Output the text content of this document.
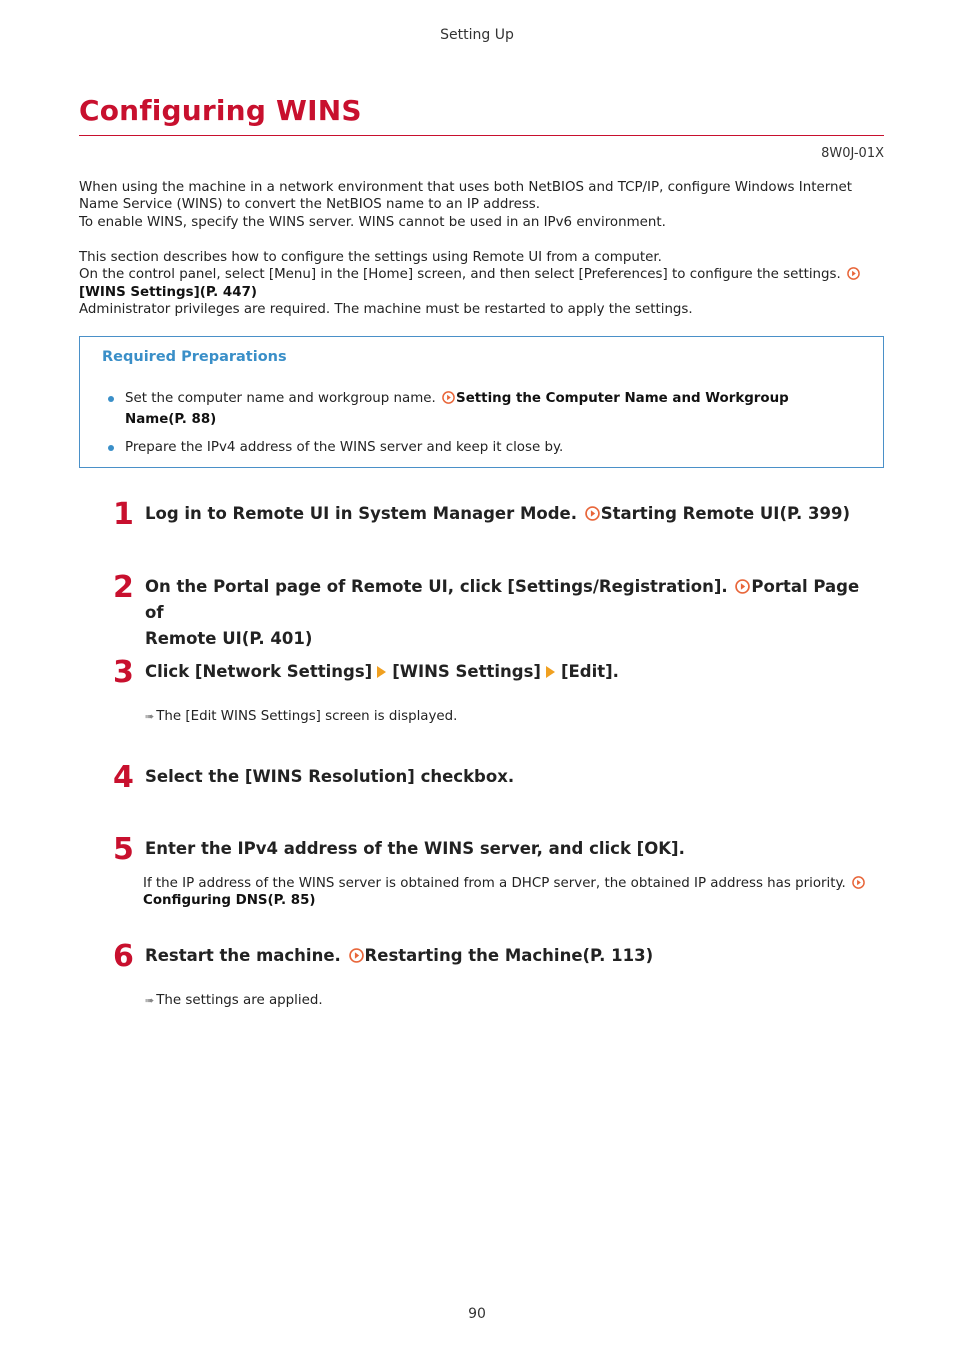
Setting Up
Configuring WINS
8W0J-01X

When using the machine in a network environment that uses both NetBIOS and TCP/IP, configure Windows Internet

Name Service (WINS) to convert the NetBIOS name to an IP address.

To enable WINS, specify the WINS server. WINS cannot be used in an IPv6 environment.

This section describes how to configure the settings using Remote UI from a computer.

On the control panel, select [Menu] in the [Home] screen, and then select [Preferences] to configure the settings.

[WINS Settings](P. 447)

Administrator privileges are required. The machine must be restarted to apply the settings.

Required Preparations
Set the computer name and workgroup name. Setting the Computer Name and Workgroup
Name(P. 88)
Prepare the IPv4 address of the WINS server and keep it close by.
1 Log in to Remote UI in System Manager Mode. Starting Remote UI(P. 399)
2 On the Portal page of Remote UI, click [Settings/Registration]. Portal Page of
Remote UI(P. 401)
3 Click [Network Settings] [WINS Settings] [Edit].
➠ The [Edit WINS Settings] screen is displayed.
4 Select the [WINS Resolution] checkbox.
5 Enter the IPv4 address of the WINS server, and click [OK].
If the IP address of the WINS server is obtained from a DHCP server, the obtained IP address has priority.
Configuring DNS(P. 85)
6 Restart the machine. Restarting the Machine(P. 113)
➠ The settings are applied.
90
